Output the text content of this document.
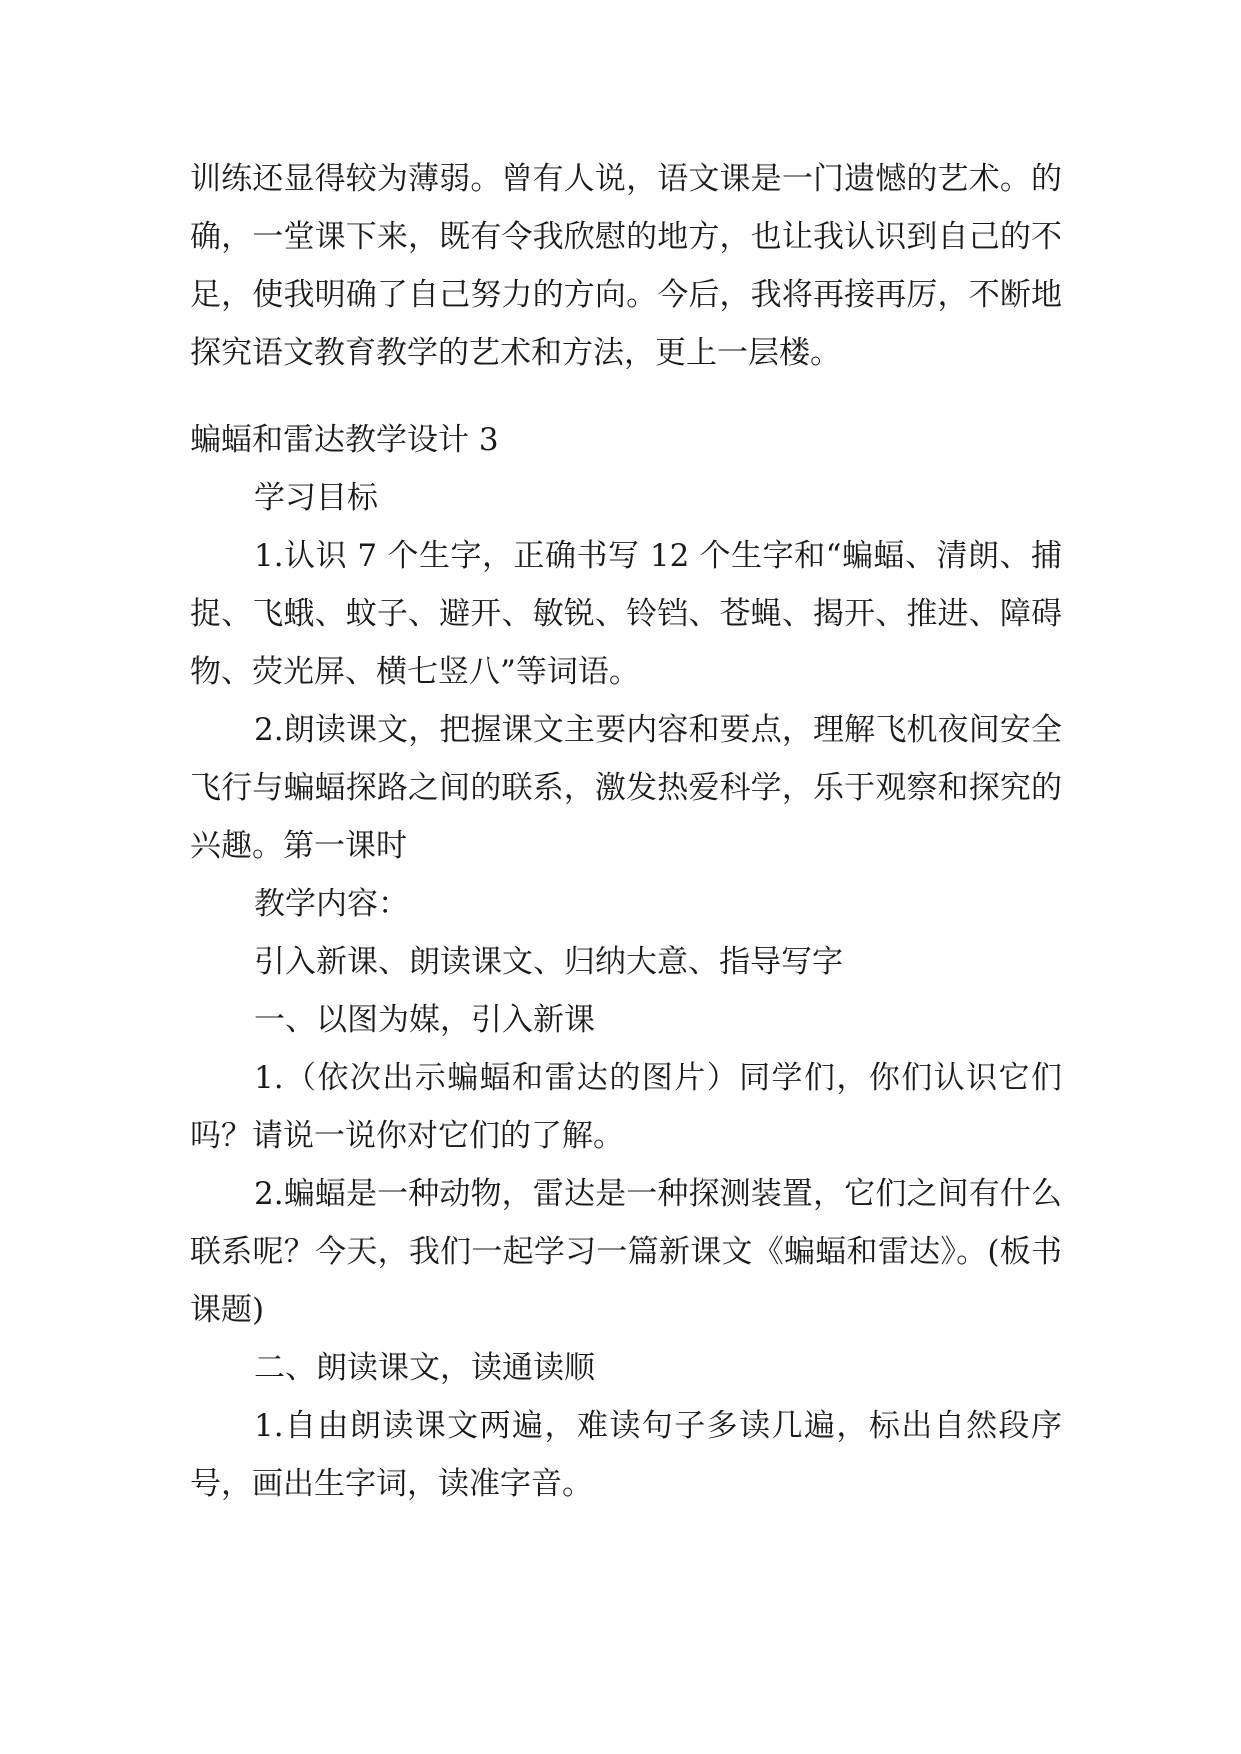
训练还显得较为薄弱。曾有人说，语文课是一门遗憾的艺术。的确，一堂课下来，既有令我欣慰的地方，也让我认识到自己的不足，使我明确了自己努力的方向。今后，我将再接再厉，不断地探究语文教育教学的艺术和方法，更上一层楼。

蝙蝠和雷达教学设计 3

学习目标

1.认识 7 个生字，正确书写 12 个生字和“蝙蝠、清朗、捕捉、飞蛾、蚊子、避开、敏锐、铃铛、苍蝇、揭开、推进、障碍物、荧光屏、横七竖八”等词语。

2.朗读课文，把握课文主要内容和要点，理解飞机夜间安全飞行与蝙蝠探路之间的联系，激发热爱科学，乐于观察和探究的兴趣。第一课时

教学内容：

引入新课、朗读课文、归纳大意、指导写字

一、以图为媒，引入新课

1.（依次出示蝙蝠和雷达的图片）同学们，你们认识它们吗？请说一说你对它们的了解。

2.蝙蝠是一种动物，雷达是一种探测装置，它们之间有什么联系呢？今天，我们一起学习一篇新课文《蝙蝠和雷达》。(板书课题)

二、朗读课文，读通读顺

1.自由朗读课文两遍，难读句子多读几遍，标出自然段序号，画出生字词，读准字音。
